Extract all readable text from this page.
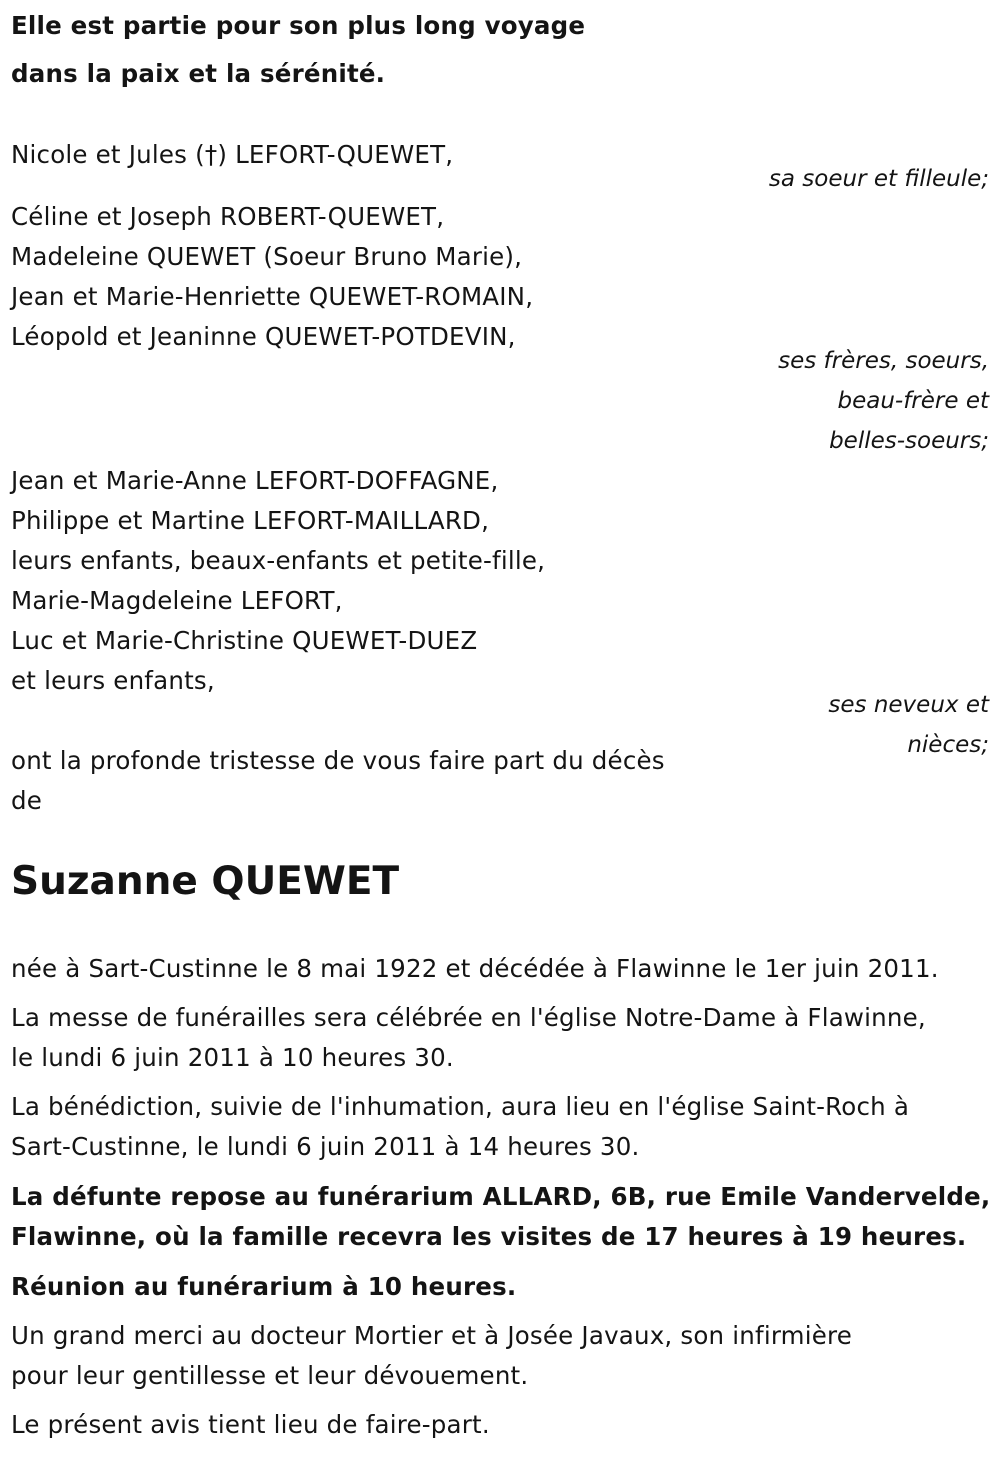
Elle est partie pour son plus long voyage
dans la paix et la sérénité.
Nicole et Jules (†) LEFORT-QUEWET,
sa soeur et filleule;
Céline et Joseph ROBERT-QUEWET,
Madeleine QUEWET (Soeur Bruno Marie),
Jean et Marie-Henriette QUEWET-ROMAIN,
Léopold et Jeaninne QUEWET-POTDEVIN,
ses frères, soeurs,
beau-frère et
belles-soeurs;
Jean et Marie-Anne LEFORT-DOFFAGNE,
Philippe et Martine LEFORT-MAILLARD,
leurs enfants, beaux-enfants et petite-fille,
Marie-Magdeleine LEFORT,
Luc et Marie-Christine QUEWET-DUEZ
et leurs enfants,
ses neveux et
nièces;
ont la profonde tristesse de vous faire part du décès
de
Suzanne QUEWET
née à Sart-Custinne le 8 mai 1922 et décédée à Flawinne le 1er juin 2011.
La messe de funérailles sera célébrée en l'église Notre-Dame à Flawinne,
le lundi 6 juin 2011 à 10 heures 30.
La bénédiction, suivie de l'inhumation, aura lieu en l'église Saint-Roch à
Sart-Custinne, le lundi 6 juin 2011 à 14 heures 30.
La défunte repose au funérarium ALLARD, 6B, rue Emile Vandervelde,
Flawinne, où la famille recevra les visites de 17 heures à 19 heures.
Réunion au funérarium à 10 heures.
Un grand merci au docteur Mortier et à Josée Javaux, son infirmière
pour leur gentillesse et leur dévouement.
Le présent avis tient lieu de faire-part.
